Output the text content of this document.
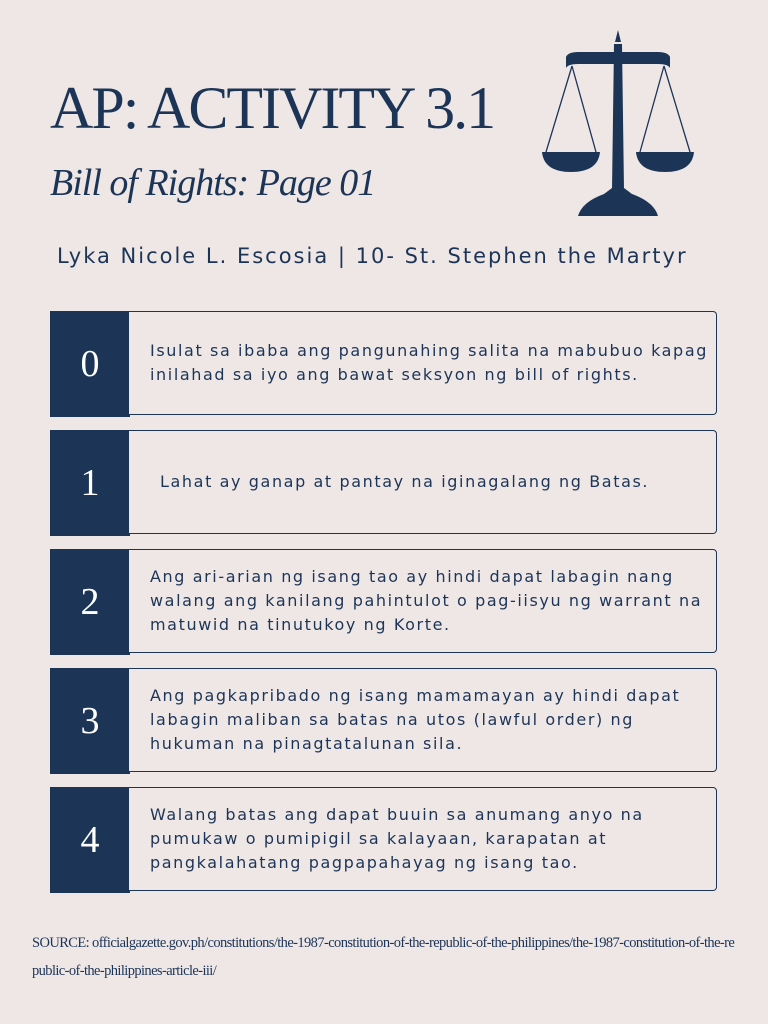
AP: ACTIVITY 3.1
Bill of Rights: Page 01
Lyka Nicole L. Escosia | 10- St. Stephen the Martyr
0	Isulat sa ibaba ang pangunahing salita na mabubuo kapag inilahad sa iyo ang bawat seksyon ng bill of rights.
1	Lahat ay ganap at pantay na iginagalang ng Batas.
2
Ang ari-arian ng isang tao ay hindi dapat labagin nang walang ang kanilang pahintulot o pag-iisyu ng warrant na matuwid na tinutukoy ng Korte.
3
Ang pagkapribado ng isang mamamayan ay hindi dapat labagin maliban sa batas na utos (lawful order) ng hukuman na pinagtatalunan sila.
4
Walang batas ang dapat buuin sa anumang anyo na pumukaw o pumipigil sa kalayaan, karapatan at pangkalahatang pagpapahayag ng isang tao.
SOURCE: officialgazette.gov.ph/constitutions/the-1987-constitution-of-the-republic-of-the-philippines/the-1987-constitution-of-the-republic-of-the-philippines-article-iii/
